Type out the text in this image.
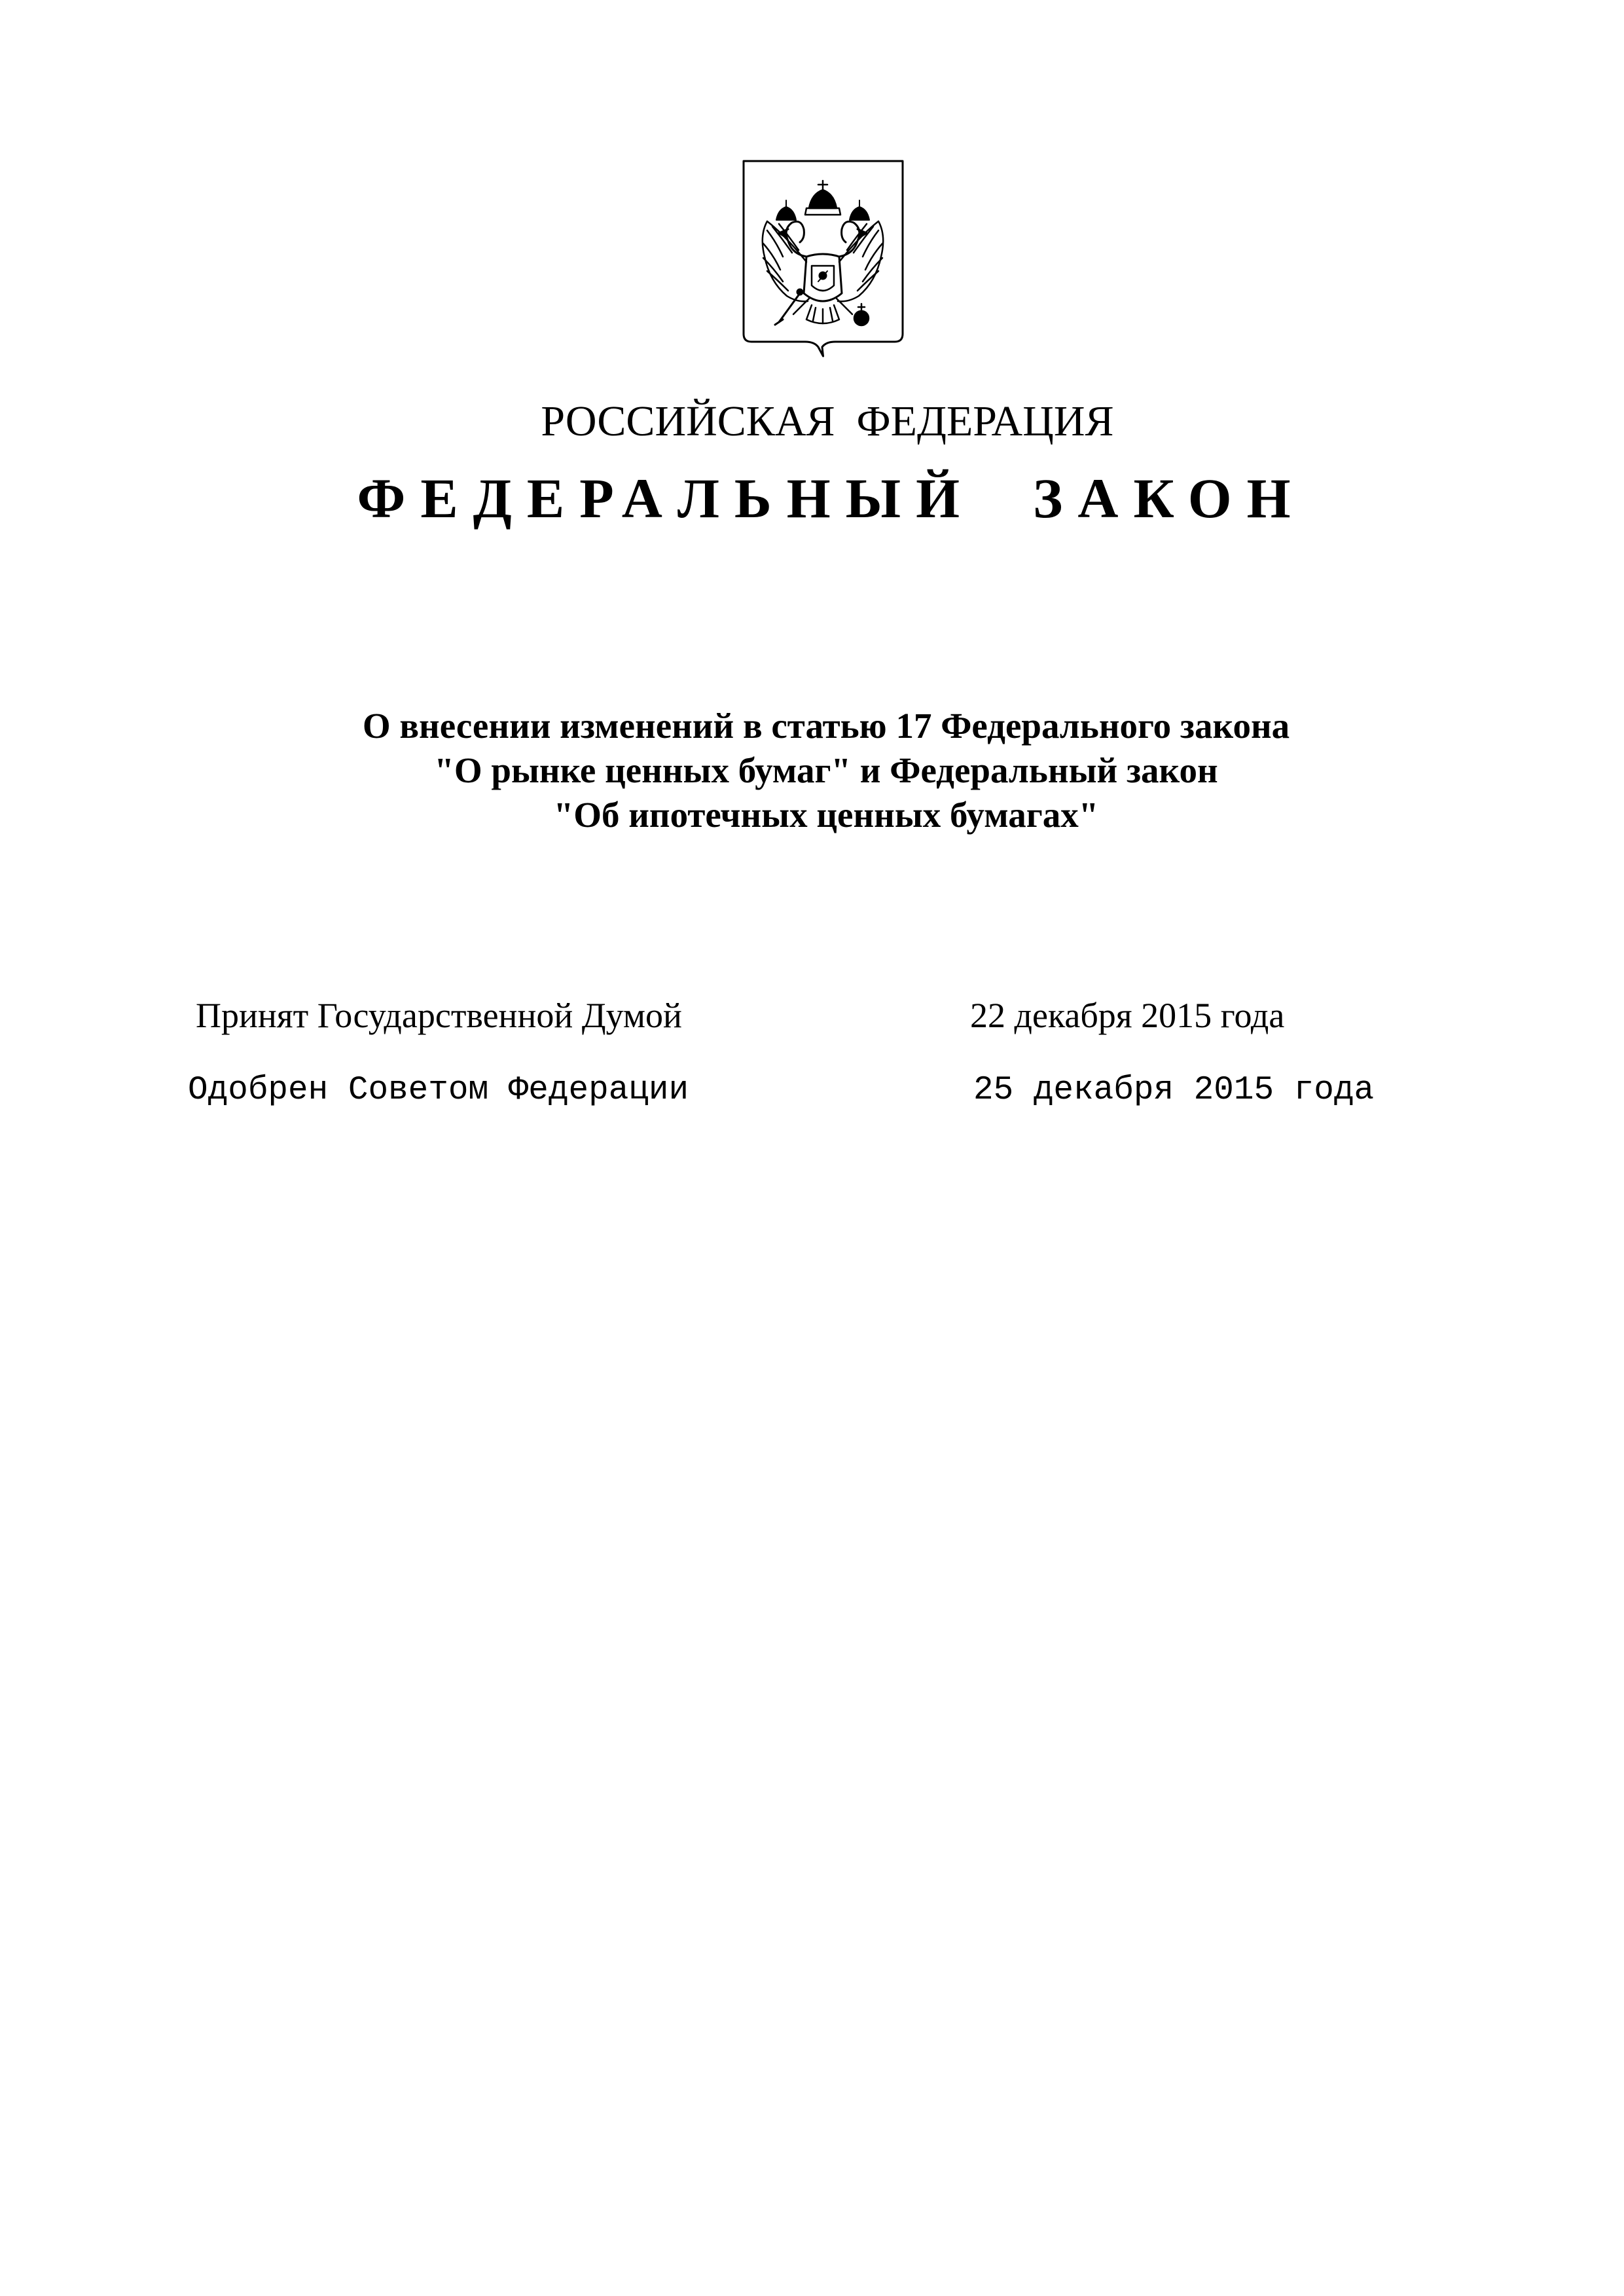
РОССИЙСКАЯ  ФЕДЕРАЦИЯ
ФЕДЕРАЛЬНЫЙ  ЗАКОН
О внесении изменений в статью 17 Федерального закона
"О рынке ценных бумаг" и Федеральный закон
"Об ипотечных ценных бумагах"
Принят Государственной Думой	22 декабря 2015 года
Одобрен Советом Федерации	25 декабря 2015 года
